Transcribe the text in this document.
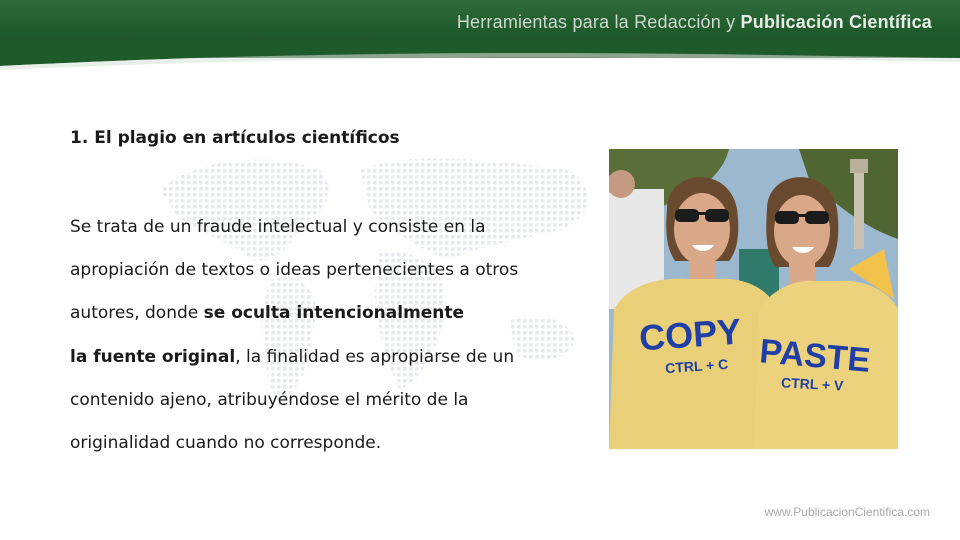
Herramientas para la Redacción y Publicación Científica
1. El plagio en artículos científicos
Se trata de un fraude intelectual y consiste en la apropiación de textos o ideas pertenecientes a otros autores, donde se oculta intencionalmente
la fuente original, la finalidad es apropiarse de un contenido ajeno, atribuyéndose el mérito de la originalidad cuando no corresponde.
COPY
CTRL + C PASTE
CTRL + V
www.PublicacionCientifica.com
